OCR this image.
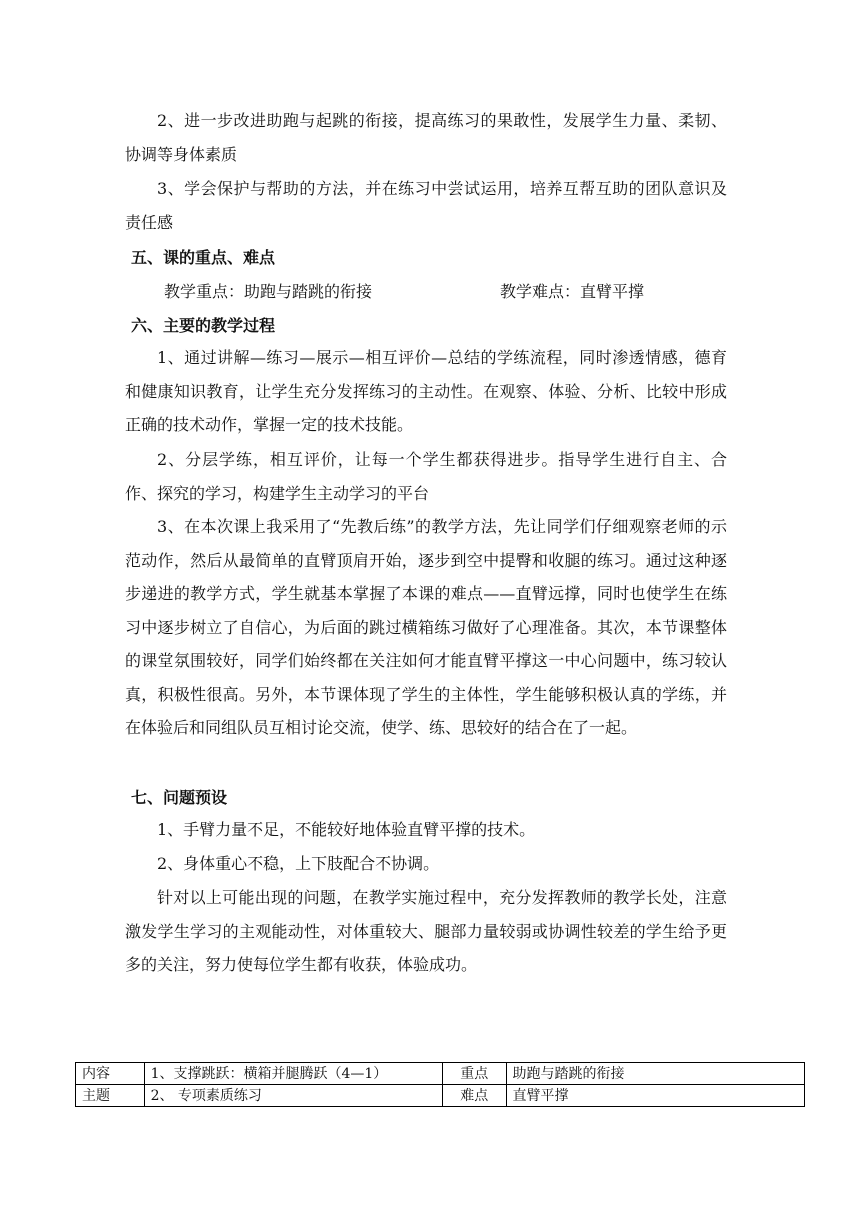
2、进一步改进助跑与起跳的衔接，提高练习的果敢性，发展学生力量、柔韧、协调等身体素质

3、学会保护与帮助的方法，并在练习中尝试运用，培养互帮互助的团队意识及责任感

五、课的重点、难点
教学重点：助跑与踏跳的衔接	教学难点：直臂平撑
六、主要的教学过程

1、通过讲解—练习—展示—相互评价—总结的学练流程，同时渗透情感，德育和健康知识教育，让学生充分发挥练习的主动性。在观察、体验、分析、比较中形成正确的技术动作，掌握一定的技术技能。

2、分层学练，相互评价，让每一个学生都获得进步。指导学生进行自主、合作、探究的学习，构建学生主动学习的平台

3、在本次课上我采用了“先教后练”的教学方法，先让同学们仔细观察老师的示范动作，然后从最简单的直臂顶肩开始，逐步到空中提臀和收腿的练习。通过这种逐步递进的教学方式，学生就基本掌握了本课的难点——直臂远撑，同时也使学生在练习中逐步树立了自信心，为后面的跳过横箱练习做好了心理准备。其次，本节课整体的课堂氛围较好，同学们始终都在关注如何才能直臂平撑这一中心问题中，练习较认真，积极性很高。另外，本节课体现了学生的主体性，学生能够积极认真的学练，并在体验后和同组队员互相讨论交流，使学、练、思较好的结合在了一起。

七、问题预设

1、手臂力量不足，不能较好地体验直臂平撑的技术。

2、身体重心不稳，上下肢配合不协调。

针对以上可能出现的问题，在教学实施过程中，充分发挥教师的教学长处，注意激发学生学习的主观能动性，对体重较大、腿部力量较弱或协调性较差的学生给予更多的关注，努力使每位学生都有收获，体验成功。

内容	1、支撑跳跃：横箱并腿腾跃（4—1）	重点	助跑与踏跳的衔接
主题	2、 专项素质练习	难点	直臂平撑
